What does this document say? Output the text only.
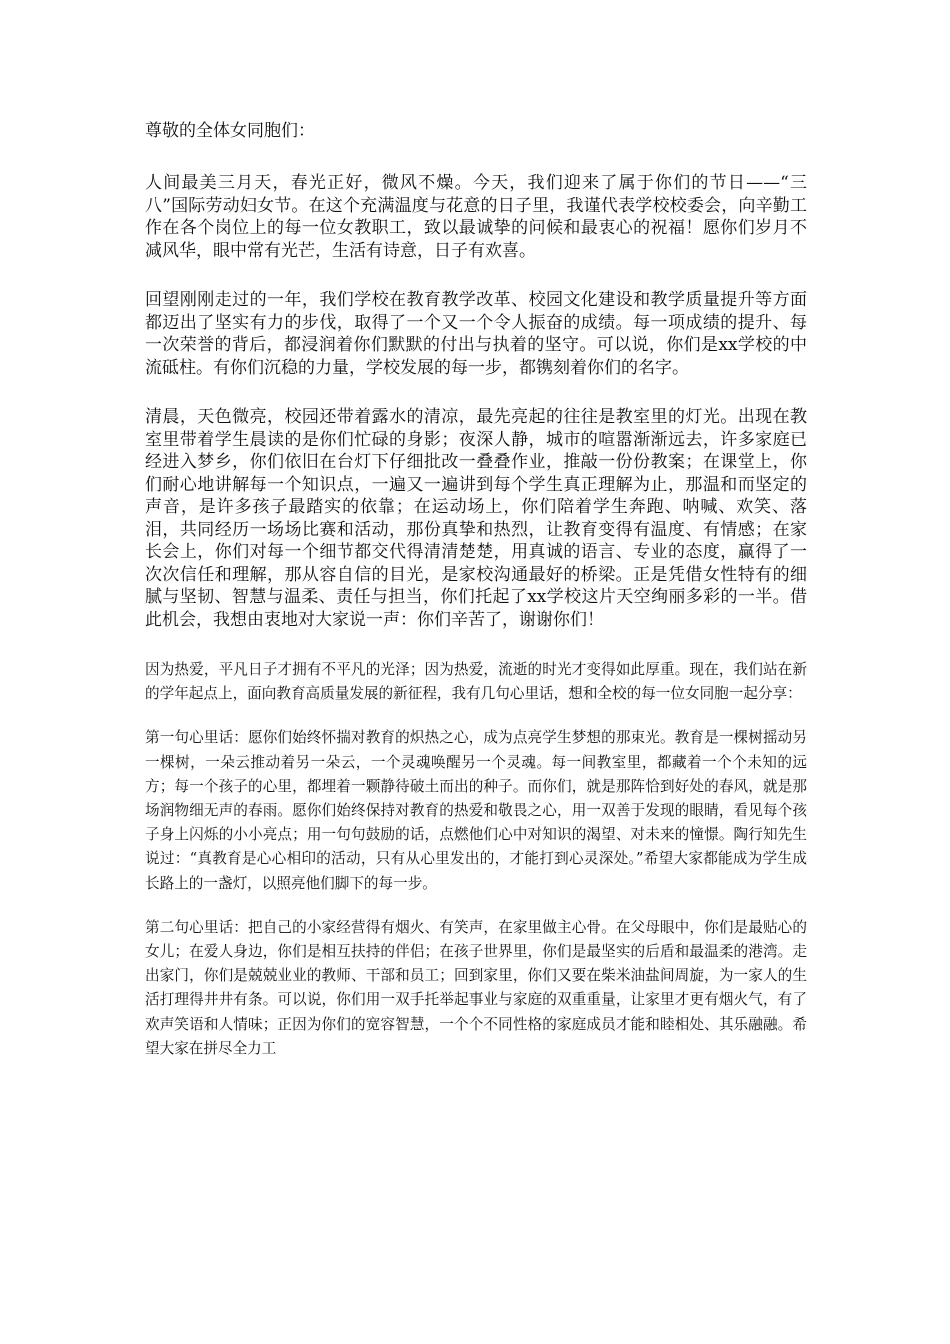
尊敬的全体女同胞们：

人间最美三月天，春光正好，微风不燥。今天，我们迎来了属于你们的节日——“三八”国际劳动妇女节。在这个充满温度与花意的日子里，我谨代表学校校委会，向辛勤工作在各个岗位上的每一位女教职工，致以最诚挚的问候和最衷心的祝福！愿你们岁月不减风华，眼中常有光芒，生活有诗意，日子有欢喜。

回望刚刚走过的一年，我们学校在教育教学改革、校园文化建设和教学质量提升等方面都迈出了坚实有力的步伐，取得了一个又一个令人振奋的成绩。每一项成绩的提升、每一次荣誉的背后，都浸润着你们默默的付出与执着的坚守。可以说，你们是xx学校的中流砥柱。有你们沉稳的力量，学校发展的每一步，都镌刻着你们的名字。

清晨，天色微亮，校园还带着露水的清凉，最先亮起的往往是教室里的灯光。出现在教室里带着学生晨读的是你们忙碌的身影；夜深人静，城市的喧嚣渐渐远去，许多家庭已经进入梦乡，你们依旧在台灯下仔细批改一叠叠作业，推敲一份份教案；在课堂上，你们耐心地讲解每一个知识点，一遍又一遍讲到每个学生真正理解为止，那温和而坚定的声音，是许多孩子最踏实的依靠；在运动场上，你们陪着学生奔跑、呐喊、欢笑、落泪，共同经历一场场比赛和活动，那份真挚和热烈，让教育变得有温度、有情感；在家长会上，你们对每一个细节都交代得清清楚楚，用真诚的语言、专业的态度，赢得了一次次信任和理解，那从容自信的目光，是家校沟通最好的桥梁。正是凭借女性特有的细腻与坚韧、智慧与温柔、责任与担当，你们托起了xx学校这片天空绚丽多彩的一半。借此机会，我想由衷地对大家说一声：你们辛苦了，谢谢你们！

因为热爱，平凡日子才拥有不平凡的光泽；因为热爱，流逝的时光才变得如此厚重。现在，我们站在新的学年起点上，面向教育高质量发展的新征程，我有几句心里话，想和全校的每一位女同胞一起分享：

第一句心里话：愿你们始终怀揣对教育的炽热之心，成为点亮学生梦想的那束光。教育是一棵树摇动另一棵树，一朵云推动着另一朵云，一个灵魂唤醒另一个灵魂。每一间教室里，都藏着一个个未知的远方；每一个孩子的心里，都埋着一颗静待破土而出的种子。而你们，就是那阵恰到好处的春风，就是那场润物细无声的春雨。愿你们始终保持对教育的热爱和敬畏之心，用一双善于发现的眼睛，看见每个孩子身上闪烁的小小亮点；用一句句鼓励的话，点燃他们心中对知识的渴望、对未来的憧憬。陶行知先生说过：“真教育是心心相印的活动，只有从心里发出的，才能打到心灵深处。”希望大家都能成为学生成长路上的一盏灯，以照亮他们脚下的每一步。

第二句心里话：把自己的小家经营得有烟火、有笑声，在家里做主心骨。在父母眼中，你们是最贴心的女儿；在爱人身边，你们是相互扶持的伴侣；在孩子世界里，你们是最坚实的后盾和最温柔的港湾。走出家门，你们是兢兢业业的教师、干部和员工；回到家里，你们又要在柴米油盐间周旋，为一家人的生活打理得井井有条。可以说，你们用一双手托举起事业与家庭的双重重量，让家里才更有烟火气，有了欢声笑语和人情味；正因为你们的宽容智慧，一个个不同性格的家庭成员才能和睦相处、其乐融融。希望大家在拼尽全力工
